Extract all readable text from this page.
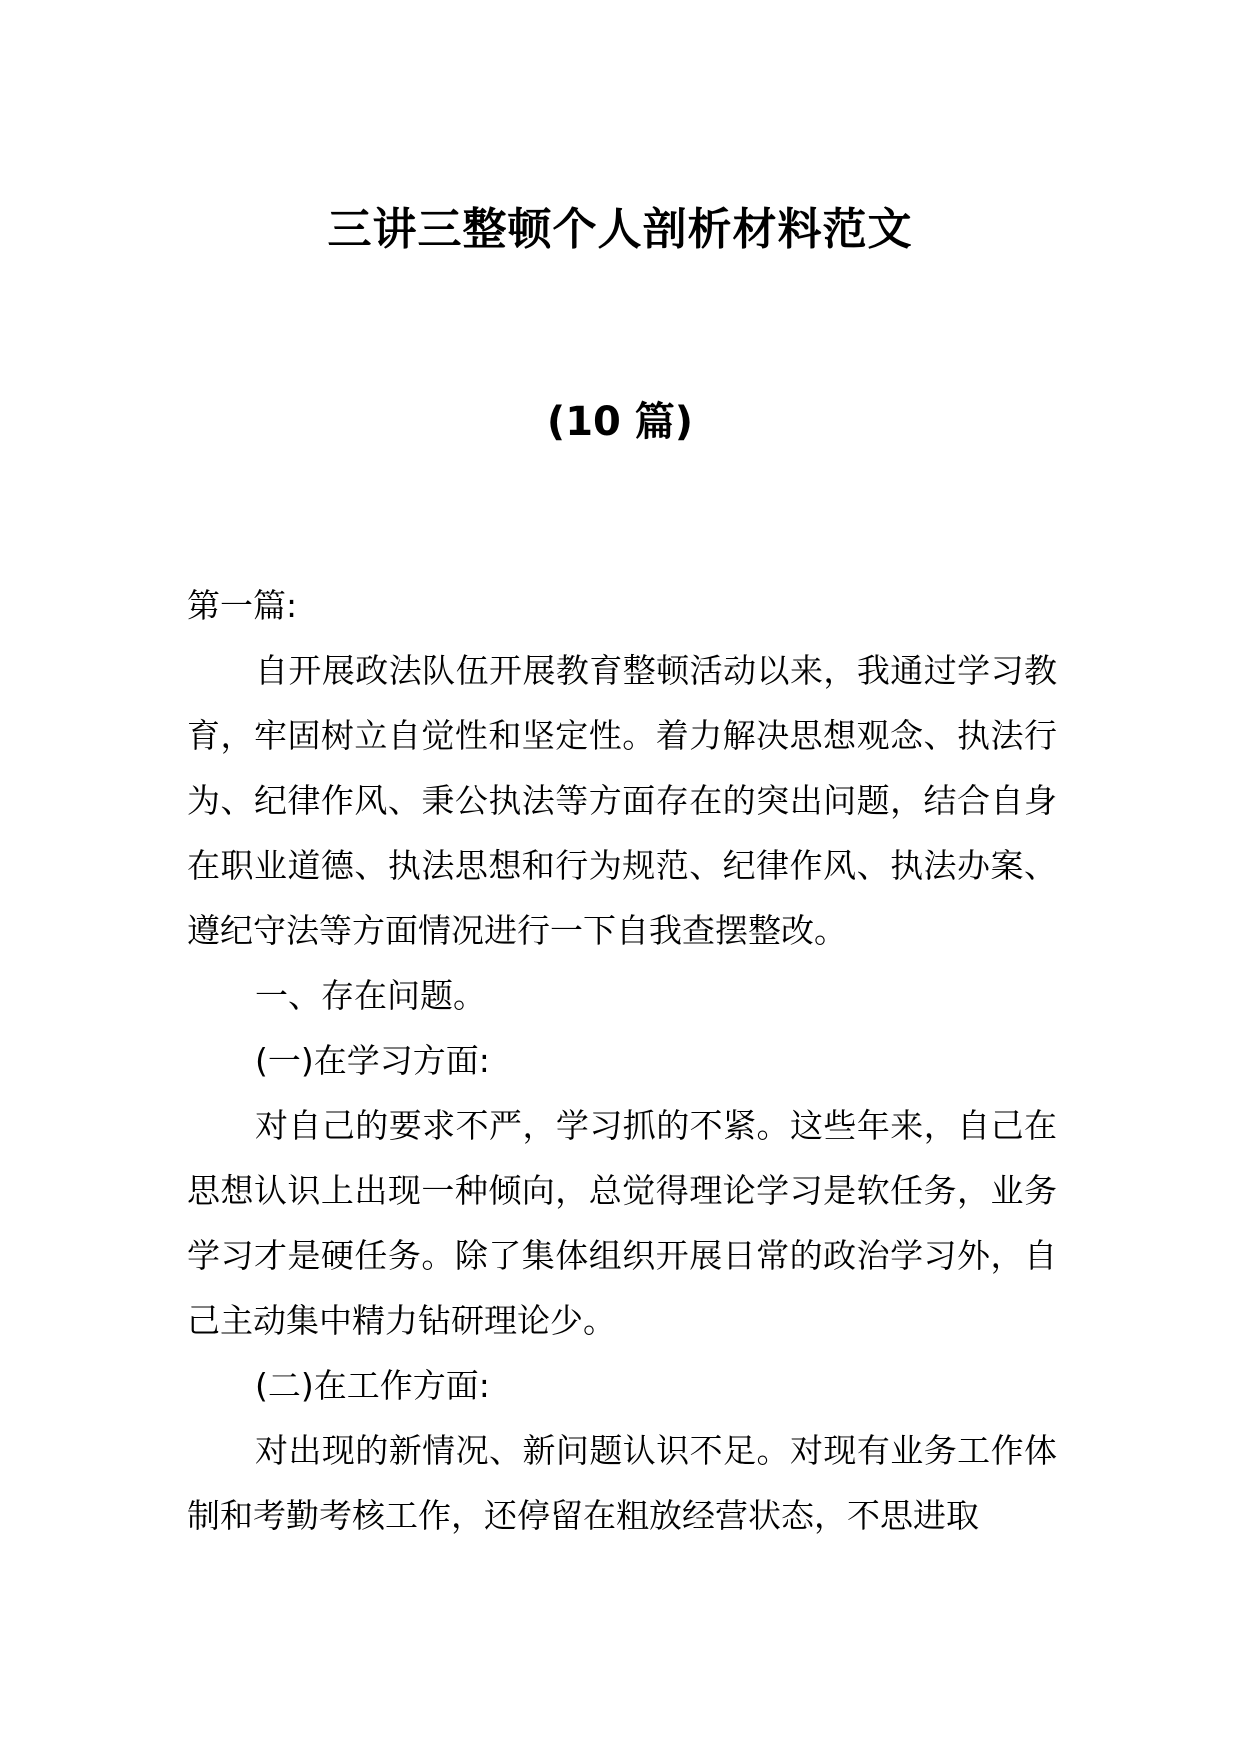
三讲三整顿个人剖析材料范文
(10 篇)

第一篇:

自开展政法队伍开展教育整顿活动以来，我通过学习教育，牢固树立自觉性和坚定性。着力解决思想观念、执法行为、纪律作风、秉公执法等方面存在的突出问题，结合自身在职业道德、执法思想和行为规范、纪律作风、执法办案、遵纪守法等方面情况进行一下自我查摆整改。

一、存在问题。

(一)在学习方面:

对自己的要求不严，学习抓的不紧。这些年来，自己在思想认识上出现一种倾向，总觉得理论学习是软任务，业务学习才是硬任务。除了集体组织开展日常的政治学习外，自己主动集中精力钻研理论少。

(二)在工作方面:

对出现的新情况、新问题认识不足。对现有业务工作体制和考勤考核工作，还停留在粗放经营状态，不思进取
